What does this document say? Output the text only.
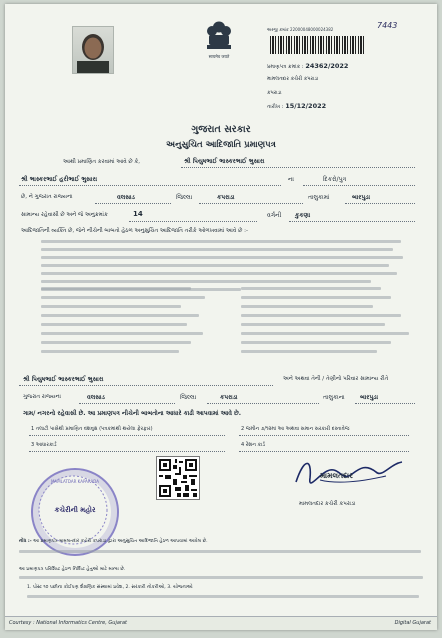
सत्यमेव जयते
અરજી ક્રમાંક 22000048000024382	7443
પ્રમાણપત્ર ક્રમાંક : 24362/2022
મામલતદાર કચેરી કપરાડા
કપરાડા
તારીખ : 15/12/2022
ગુજરાત સરકાર
અનુસુચિત આદિજાતિ પ્રમાણપત્ર
આથી પ્રમાણિત કરવામાં આવે છે કે,	શ્રી પિયુષભાઈ ભાસ્કરભાઈ ભુસારા
શ્રી ભાસ્કરભાઈ હરીભાઈ ભુસારા	ના	દિકરો/પુત્ર
છે, ને ગુજરાત રાજ્યના	વલસાડ	જિલ્લા	કપરાડા	તાલુકામાં	બારપુડા
સામાન્ય રહેવાસી છે અને જે અનુક્રમાંક	14	વર્ગની કુકણા
આદિજાતિની વ્યક્તિ છે, જેને નીચેની બાબતો હેઠળ અનુસુચિત આદિજાતિ તરીકે ઓળખવામાં આવે છે :-
શ્રી પિયુષભાઈ ભાસ્કરભાઈ ભુસારા	અને અથવા તેની / તેણીનો પરિવાર સામાન્ય રીતે
ગુજરાત રાજ્યના	વલસાડ	જિલ્લા	કપરાડા	તાલુકાના	બારપુડા
ગામ/ નગરનો રહેવાસી છે. આ પ્રમાણપત્ર નીચેની બાબતોના આધારે કાઢી આપવામાં આવે છે.
1 તલાટી પાસેથી પ્રમાણિત વંશવૃક્ષ (પત્રકમાંથી થયેલા ફેરફાર)	2 જમીન ૭/૧૨માં આ અથવા સમાન સરકારી દસ્તાવેજ
3 આધારકાર્ડ	4 રેશન કાર્ડ
MAMLATDAR KAPARADA
કચેરીની મહોર
મામલતદાર
મામલતદાર કચેરી કપરાડા
નોંધ :- આ પ્રમાણપત્ર મામલતદાર કચેરી કપરાડા દ્વારા અનુસુચિત આદિજાતિ હેઠળ આપવામાં આવેલ છે.
આ પ્રમાણપત્ર પરિશિષ્ટ હેઠળ નિર્દિષ્ટ હેતુઓ માટે માન્ય છે.
1. પોસ્ટ ૧૦ પછીના કોઈપણ શૈક્ષણિક સંસ્થામાં પ્રવેશ, 2. સરકારી નોકરીઓ, 3. યોજનાઓ
Courtesy : National Informatics Centre, Gujarat	Digital Gujarat
